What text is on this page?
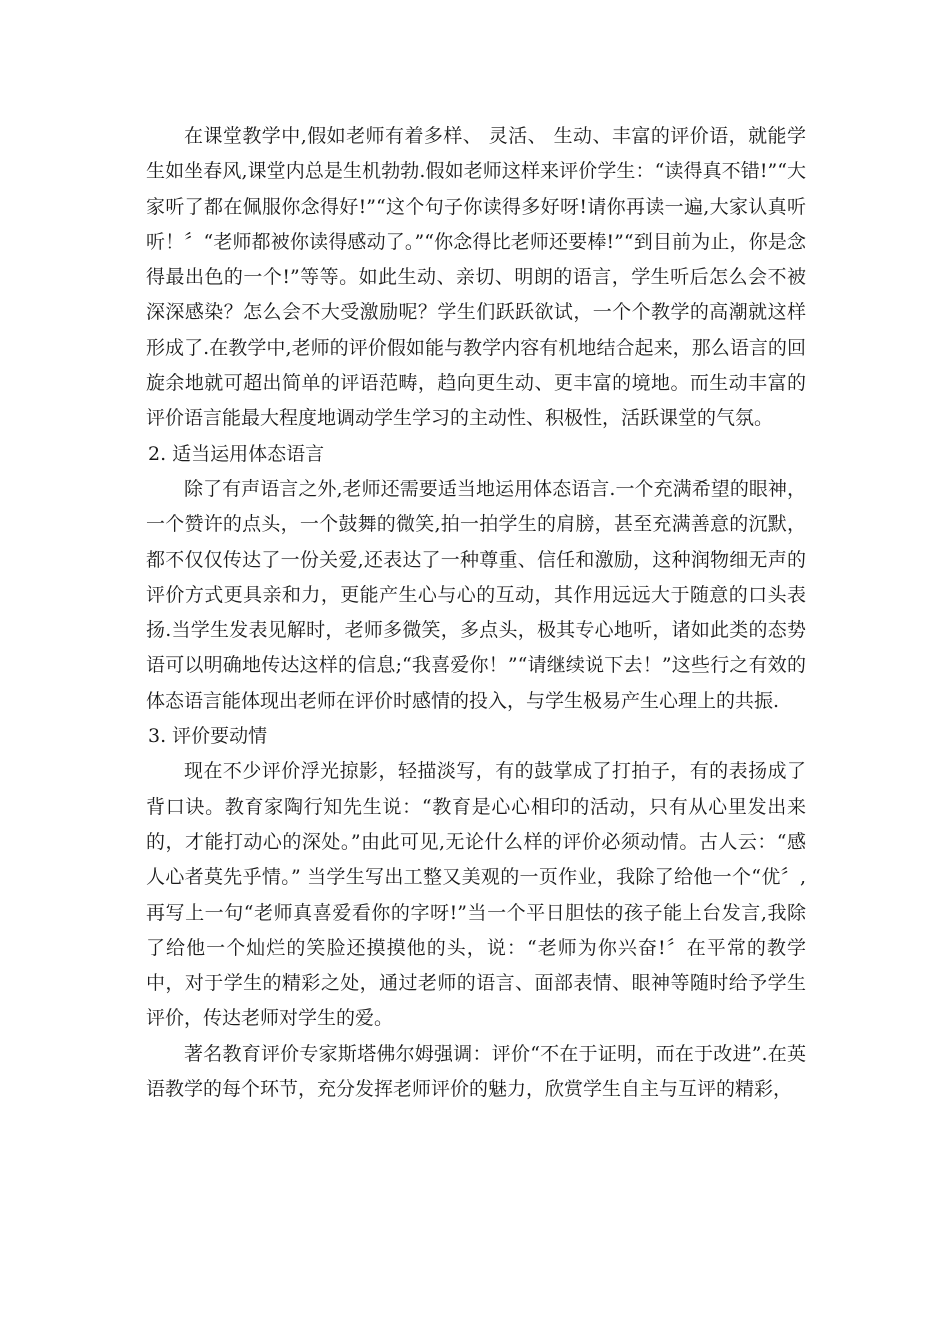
在课堂教学中,假如老师有着多样、 灵活、 生动、丰富的评价语，就能学生如坐春风,课堂内总是生机勃勃.假如老师这样来评价学生：“读得真不错!”“大家听了都在佩服你念得好!”“这个句子你读得多好呀!请你再读一遍,大家认真听听！〞“老师都被你读得感动了。”“你念得比老师还要棒!”“到目前为止，你是念得最出色的一个!”等等。如此生动、亲切、明朗的语言，学生听后怎么会不被深深感染？怎么会不大受激励呢？学生们跃跃欲试，一个个教学的高潮就这样形成了.在教学中,老师的评价假如能与教学内容有机地结合起来，那么语言的回旋余地就可超出简单的评语范畴，趋向更生动、更丰富的境地。而生动丰富的评价语言能最大程度地调动学生学习的主动性、积极性，活跃课堂的气氛。

2. 适当运用体态语言

除了有声语言之外,老师还需要适当地运用体态语言.一个充满希望的眼神，一个赞许的点头，一个鼓舞的微笑,拍一拍学生的肩膀，甚至充满善意的沉默，都不仅仅传达了一份关爱,还表达了一种尊重、信任和激励，这种润物细无声的评价方式更具亲和力，更能产生心与心的互动，其作用远远大于随意的口头表扬.当学生发表见解时，老师多微笑，多点头，极其专心地听，诸如此类的态势语可以明确地传达这样的信息;“我喜爱你！”“请继续说下去！”这些行之有效的体态语言能体现出老师在评价时感情的投入，与学生极易产生心理上的共振.

3. 评价要动情

现在不少评价浮光掠影，轻描淡写，有的鼓掌成了打拍子，有的表扬成了背口诀。教育家陶行知先生说：“教育是心心相印的活动，只有从心里发出来的，才能打动心的深处。”由此可见,无论什么样的评价必须动情。古人云：“感人心者莫先乎情。” 当学生写出工整又美观的一页作业，我除了给他一个“优〞,再写上一句“老师真喜爱看你的字呀!”当一个平日胆怯的孩子能上台发言,我除了给他一个灿烂的笑脸还摸摸他的头，说：“老师为你兴奋!〞在平常的教学中，对于学生的精彩之处，通过老师的语言、面部表情、眼神等随时给予学生评价，传达老师对学生的爱。

著名教育评价专家斯塔佛尔姆强调：评价“不在于证明，而在于改进”.在英语教学的每个环节，充分发挥老师评价的魅力，欣赏学生自主与互评的精彩，
